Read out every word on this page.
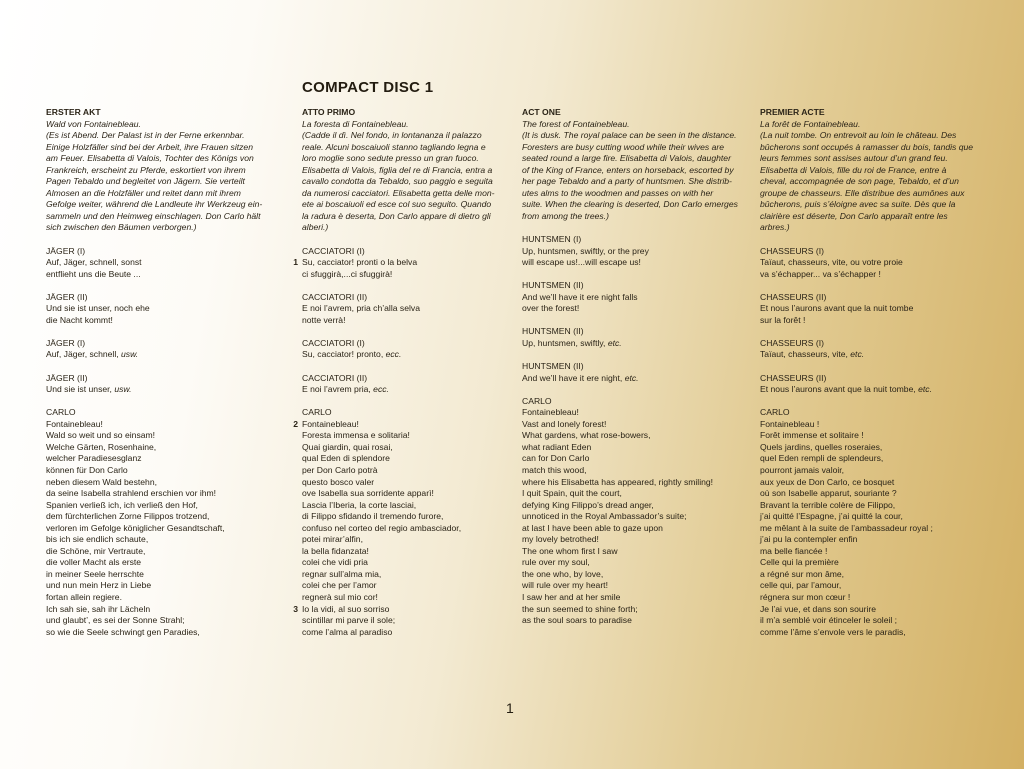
COMPACT DISC 1

ERSTER AKT

Wald von Fontainebleau.

(Es ist Abend. Der Palast ist in der Ferne erkennbar.

Einige Holzfäller sind bei der Arbeit, ihre Frauen sitzen

am Feuer. Elisabetta di Valois, Tochter des Königs von

Frankreich, erscheint zu Pferde, eskortiert von ihrem

Pagen Tebaldo und begleitet von Jägern. Sie verteilt

Almosen an die Holzfäller und reitet dann mit ihrem

Gefolge weiter, während die Landleute ihr Werkzeug ein-

sammeln und den Heimweg einschlagen. Don Carlo hält

sich zwischen den Bäumen verborgen.)

JÄGER (I)

Auf, Jäger, schnell, sonst

entflieht uns die Beute ...

JÄGER (II)

Und sie ist unser, noch ehe

die Nacht kommt!

JÄGER (I)

Auf, Jäger, schnell, usw.

JÄGER (II)

Und sie ist unser, usw.

CARLO

Fontainebleau!

Wald so weit und so einsam!

Welche Gärten, Rosenhaine,

welcher Paradiesesglanz

können für Don Carlo

neben diesem Wald bestehn,

da seine Isabella strahlend erschien vor ihm!

Spanien verließ ich, ich verließ den Hof,

dem fürchterlichen Zorne Filippos trotzend,

verloren im Gefolge königlicher Gesandtschaft,

bis ich sie endlich schaute,

die Schöne, mir Vertraute,

die voller Macht als erste

in meiner Seele herrschte

und nun mein Herz in Liebe

fortan allein regiere.

Ich sah sie, sah ihr Lächeln

und glaubt’, es sei der Sonne Strahl;

so wie die Seele schwingt gen Paradies,

ATTO PRIMO

La foresta di Fontainebleau.

(Cadde il dì. Nel fondo, in lontananza il palazzo

reale. Alcuni boscaiuoli stanno tagliando legna e

loro moglie sono sedute presso un gran fuoco.

Elisabetta di Valois, figlia del re di Francia, entra a

cavallo condotta da Tebaldo, suo paggio e seguita

da numerosi cacciatori. Elisabetta getta delle mon-

ete ai boscaiuoli ed esce col suo seguito. Quando

la radura è deserta, Don Carlo appare di dietro gli

alberi.)

CACCIATORI (I)

1 Su, cacciator! pronti o la belva

ci sfuggirà,...ci sfuggirà!

CACCIATORI (II)

E noi l’avrem, pria ch’alla selva

notte verrà!

CACCIATORI (I)

Su, cacciator! pronto, ecc.

CACCIATORI (II)

E noi l’avrem pria, ecc.

CARLO

2 Fontainebleau!

Foresta immensa e solitaria!

Quai giardin, quai rosai,

qual Eden di splendore

per Don Carlo potrà

questo bosco valer

ove Isabella sua sorridente apparì!

Lascia l’Iberia, la corte lasciai,

di Filippo sfidando il tremendo furore,

confuso nel corteo del regio ambasciador,

potei mirar’alfin,

la bella fidanzata!

colei che vidi pria

regnar sull’alma mia,

colei che per l’amor

regnerà sul mio cor!

3 Io la vidi, al suo sorriso

scintillar mi parve il sole;

come l’alma al paradiso

ACT ONE

The forest of Fontainebleau.

(It is dusk. The royal palace can be seen in the distance.

Foresters are busy cutting wood while their wives are

seated round a large fire. Elisabetta di Valois, daughter

of the King of France, enters on horseback, escorted by

her page Tebaldo and a party of huntsmen. She distrib-

utes alms to the woodmen and passes on with her

suite. When the clearing is deserted, Don Carlo emerges

from among the trees.)

HUNTSMEN (I)

Up, huntsmen, swiftly, or the prey

will escape us!...will escape us!

HUNTSMEN (II)

And we’ll have it ere night falls

over the forest!

HUNTSMEN (II)

Up, huntsmen, swiftly, etc.

HUNTSMEN (II)

And we’ll have it ere night, etc.

CARLO

Fontainebleau!

Vast and lonely forest!

What gardens, what rose-bowers,

what radiant Eden

can for Don Carlo

match this wood,

where his Elisabetta has appeared, rightly smiling!

I quit Spain, quit the court,

defying King Filippo’s dread anger,

unnoticed in the Royal Ambassador’s suite;

at last I have been able to gaze upon

my lovely betrothed!

The one whom first I saw

rule over my soul,

the one who, by love,

will rule over my heart!

I saw her and at her smile

the sun seemed to shine forth;

as the soul soars to paradise

PREMIER ACTE

La forêt de Fontainebleau.

(La nuit tombe. On entrevoit au loin le château. Des

bûcherons sont occupés à ramasser du bois, tandis que

leurs femmes sont assises autour d’un grand feu.

Elisabetta di Valois, fille du roi de France, entre à

cheval, accompagnée de son page, Tebaldo, et d’un

groupe de chasseurs. Elle distribue des aumônes aux

bûcherons, puis s’éloigne avec sa suite. Dès que la

clairière est déserte, Don Carlo apparaît entre les

arbres.)

CHASSEURS (I)

Taïaut, chasseurs, vite, ou votre proie

va s’échapper... va s’échapper !

CHASSEURS (II)

Et nous l’aurons avant que la nuit tombe

sur la forêt !

CHASSEURS (I)

Taïaut, chasseurs, vite, etc.

CHASSEURS (II)

Et nous l’aurons avant que la nuit tombe, etc.

CARLO

Fontainebleau !

Forêt immense et solitaire !

Quels jardins, quelles roseraies,

quel Eden rempli de splendeurs,

pourront jamais valoir,

aux yeux de Don Carlo, ce bosquet

où son Isabelle apparut, souriante ?

Bravant la terrible colère de Filippo,

j’ai quitté l’Espagne, j’ai quitté la cour,

me mêlant à la suite de l’ambassadeur royal ;

j’ai pu la contempler enfin

ma belle fiancée !

Celle qui la première

a régné sur mon âme,

celle qui, par l’amour,

régnera sur mon cœur !

Je l’ai vue, et dans son sourire

il m’a semblé voir étinceler le soleil ;

comme l’âme s’envole vers le paradis,

1
